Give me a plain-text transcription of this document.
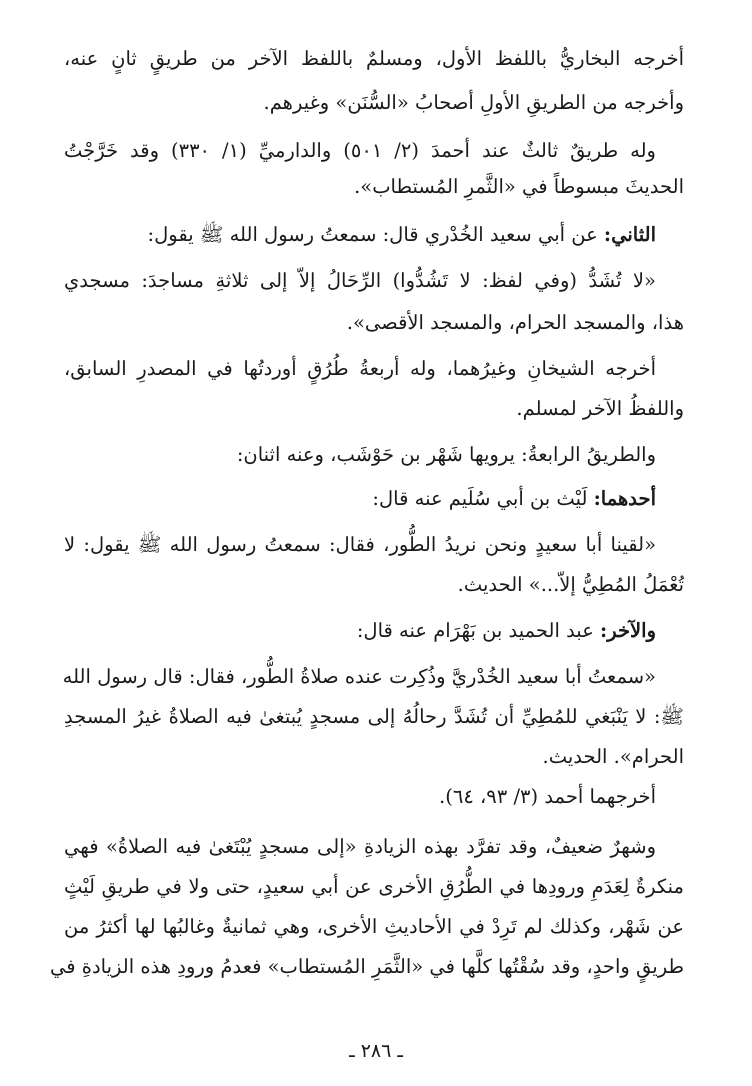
أخرجه البخاريُّ باللفظ الأول، ومسلمٌ باللفظ الآخر من طريقٍ ثانٍ عنه،
وأخرجه من الطريقِ الأولِ أصحابُ «السُّنَن» وغيرهم.
وله طريقٌ ثالثٌ عند أحمدَ (٢/ ٥٠١) والدارميِّ (١/ ٣٣٠) وقد خَرَّجْتُ
الحديثَ مبسوطاً في «الثَّمرِ المُستطاب».
الثاني: عن أبي سعيد الخُدْري قال: سمعتُ رسول الله ﷺ يقول:
«لا تُشَدُّ (وفي لفظ: لا تَشُدُّوا) الرِّحَالُ إلاّ إلى ثلاثةِ مساجدَ: مسجدي
هذا، والمسجد الحرام، والمسجد الأقصى».
أخرجه الشيخانِ وغيرُهما، وله أربعةُ طُرُقٍ أوردتُها في المصدرِ السابق،
واللفظُ الآخر لمسلم.
والطريقُ الرابعةُ: يرويها شَهْر بن حَوْشَب، وعنه اثنان:
أحدهما: لَيْث بن أبي سُلَيم عنه قال:
«لقينا أبا سعيدٍ ونحن نريدُ الطُّور، فقال: سمعتُ رسول الله ﷺ يقول: لا
تُعْمَلُ المُطِيُّ إلاّ...» الحديث.
والآخر: عبد الحميد بن بَهْرَام عنه قال:
«سمعتُ أبا سعيد الخُدْريَّ وذُكِرت عنده صلاةُ الطُّور، فقال: قال رسول الله
ﷺ: لا يَنْبَغي للمُطِيِّ أن تُشَدَّ رحالُهُ إلى مسجدٍ يُبتغىٰ فيه الصلاةُ غيرُ المسجدِ
الحرام». الحديث.
أخرجهما أحمد (٣/ ٩٣، ٦٤).
وشهرٌ ضعيفٌ، وقد تفرَّد بهذه الزيادةِ «إلى مسجدٍ يُبْتَغىٰ فيه الصلاةُ» فهي
منكرةٌ لِعَدَمِ ورودِها في الطُّرُقِ الأخرى عن أبي سعيدٍ، حتى ولا في طريقِ لَيْثٍ
عن شَهْر، وكذلك لم تَرِدْ في الأحاديثِ الأخرى، وهي ثمانيةٌ وغالبُها لها أكثرُ من
طريقٍ واحدٍ، وقد سُقْتُها كلَّها في «الثَّمَرِ المُستطاب» فعدمُ ورودِ هذه الزيادةِ في
ـ ٢٨٦ ـ
